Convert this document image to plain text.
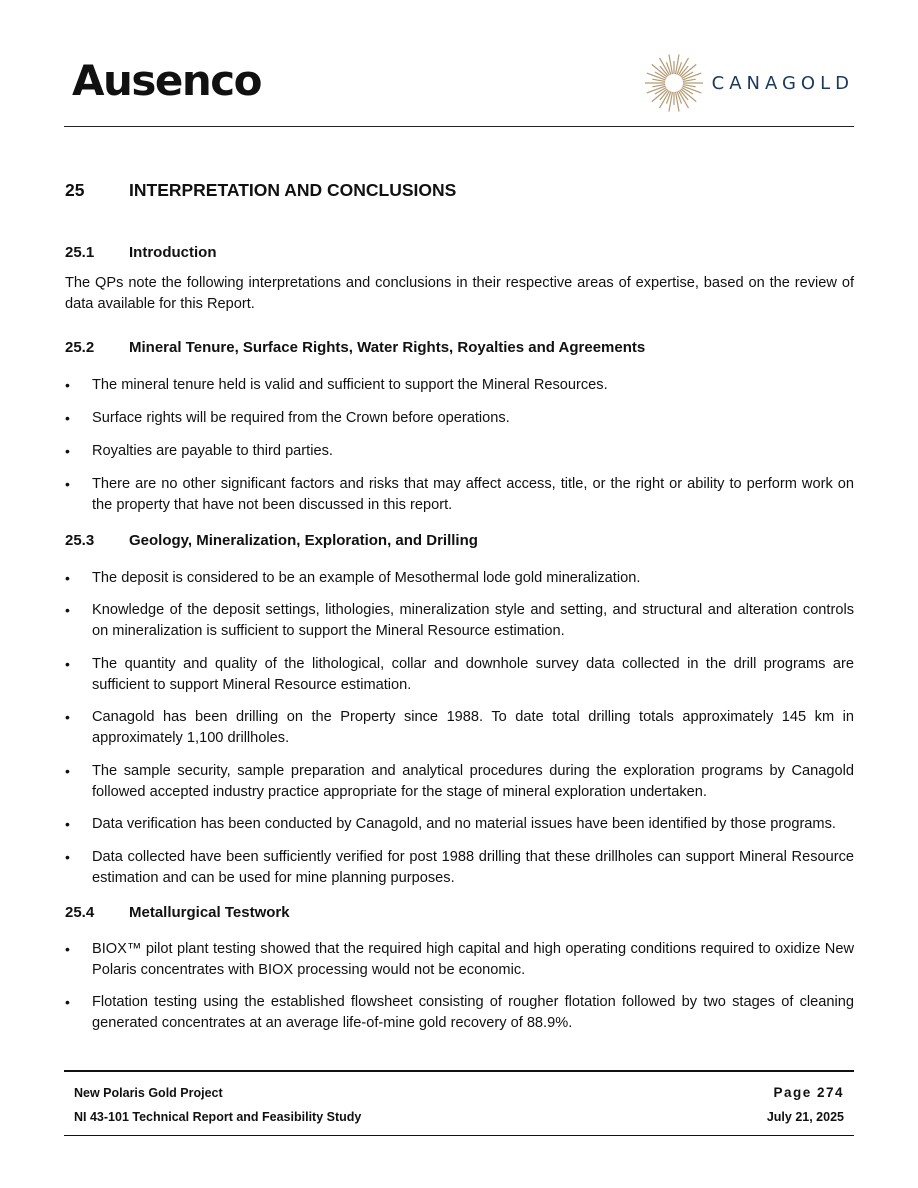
Ausenco	CANAGOLD
25	INTERPRETATION AND CONCLUSIONS
25.1 Introduction
The QPs note the following interpretations and conclusions in their respective areas of expertise, based on the review of data available for this Report.
25.2 Mineral Tenure, Surface Rights, Water Rights, Royalties and Agreements
•	The mineral tenure held is valid and sufficient to support the Mineral Resources.
•	Surface rights will be required from the Crown before operations.
•	Royalties are payable to third parties.
•	There are no other significant factors and risks that may affect access, title, or the right or ability to perform work on the property that have not been discussed in this report.
25.3 Geology, Mineralization, Exploration, and Drilling
•	The deposit is considered to be an example of Mesothermal lode gold mineralization.
•	Knowledge of the deposit settings, lithologies, mineralization style and setting, and structural and alteration controls on mineralization is sufficient to support the Mineral Resource estimation.
•	The quantity and quality of the lithological, collar and downhole survey data collected in the drill programs are sufficient to support Mineral Resource estimation.
•	Canagold has been drilling on the Property since 1988. To date total drilling totals approximately 145 km in approximately 1,100 drillholes.
•	The sample security, sample preparation and analytical procedures during the exploration programs by Canagold followed accepted industry practice appropriate for the stage of mineral exploration undertaken.
•	Data verification has been conducted by Canagold, and no material issues have been identified by those programs.
•	Data collected have been sufficiently verified for post 1988 drilling that these drillholes can support Mineral Resource estimation and can be used for mine planning purposes.
25.4 Metallurgical Testwork
•	BIOX™ pilot plant testing showed that the required high capital and high operating conditions required to oxidize New Polaris concentrates with BIOX processing would not be economic.
•	Flotation testing using the established flowsheet consisting of rougher flotation followed by two stages of cleaning generated concentrates at an average life-of-mine gold recovery of 88.9%.
New Polaris Gold Project
NI 43-101 Technical Report and Feasibility Study
Page 274
July 21, 2025
